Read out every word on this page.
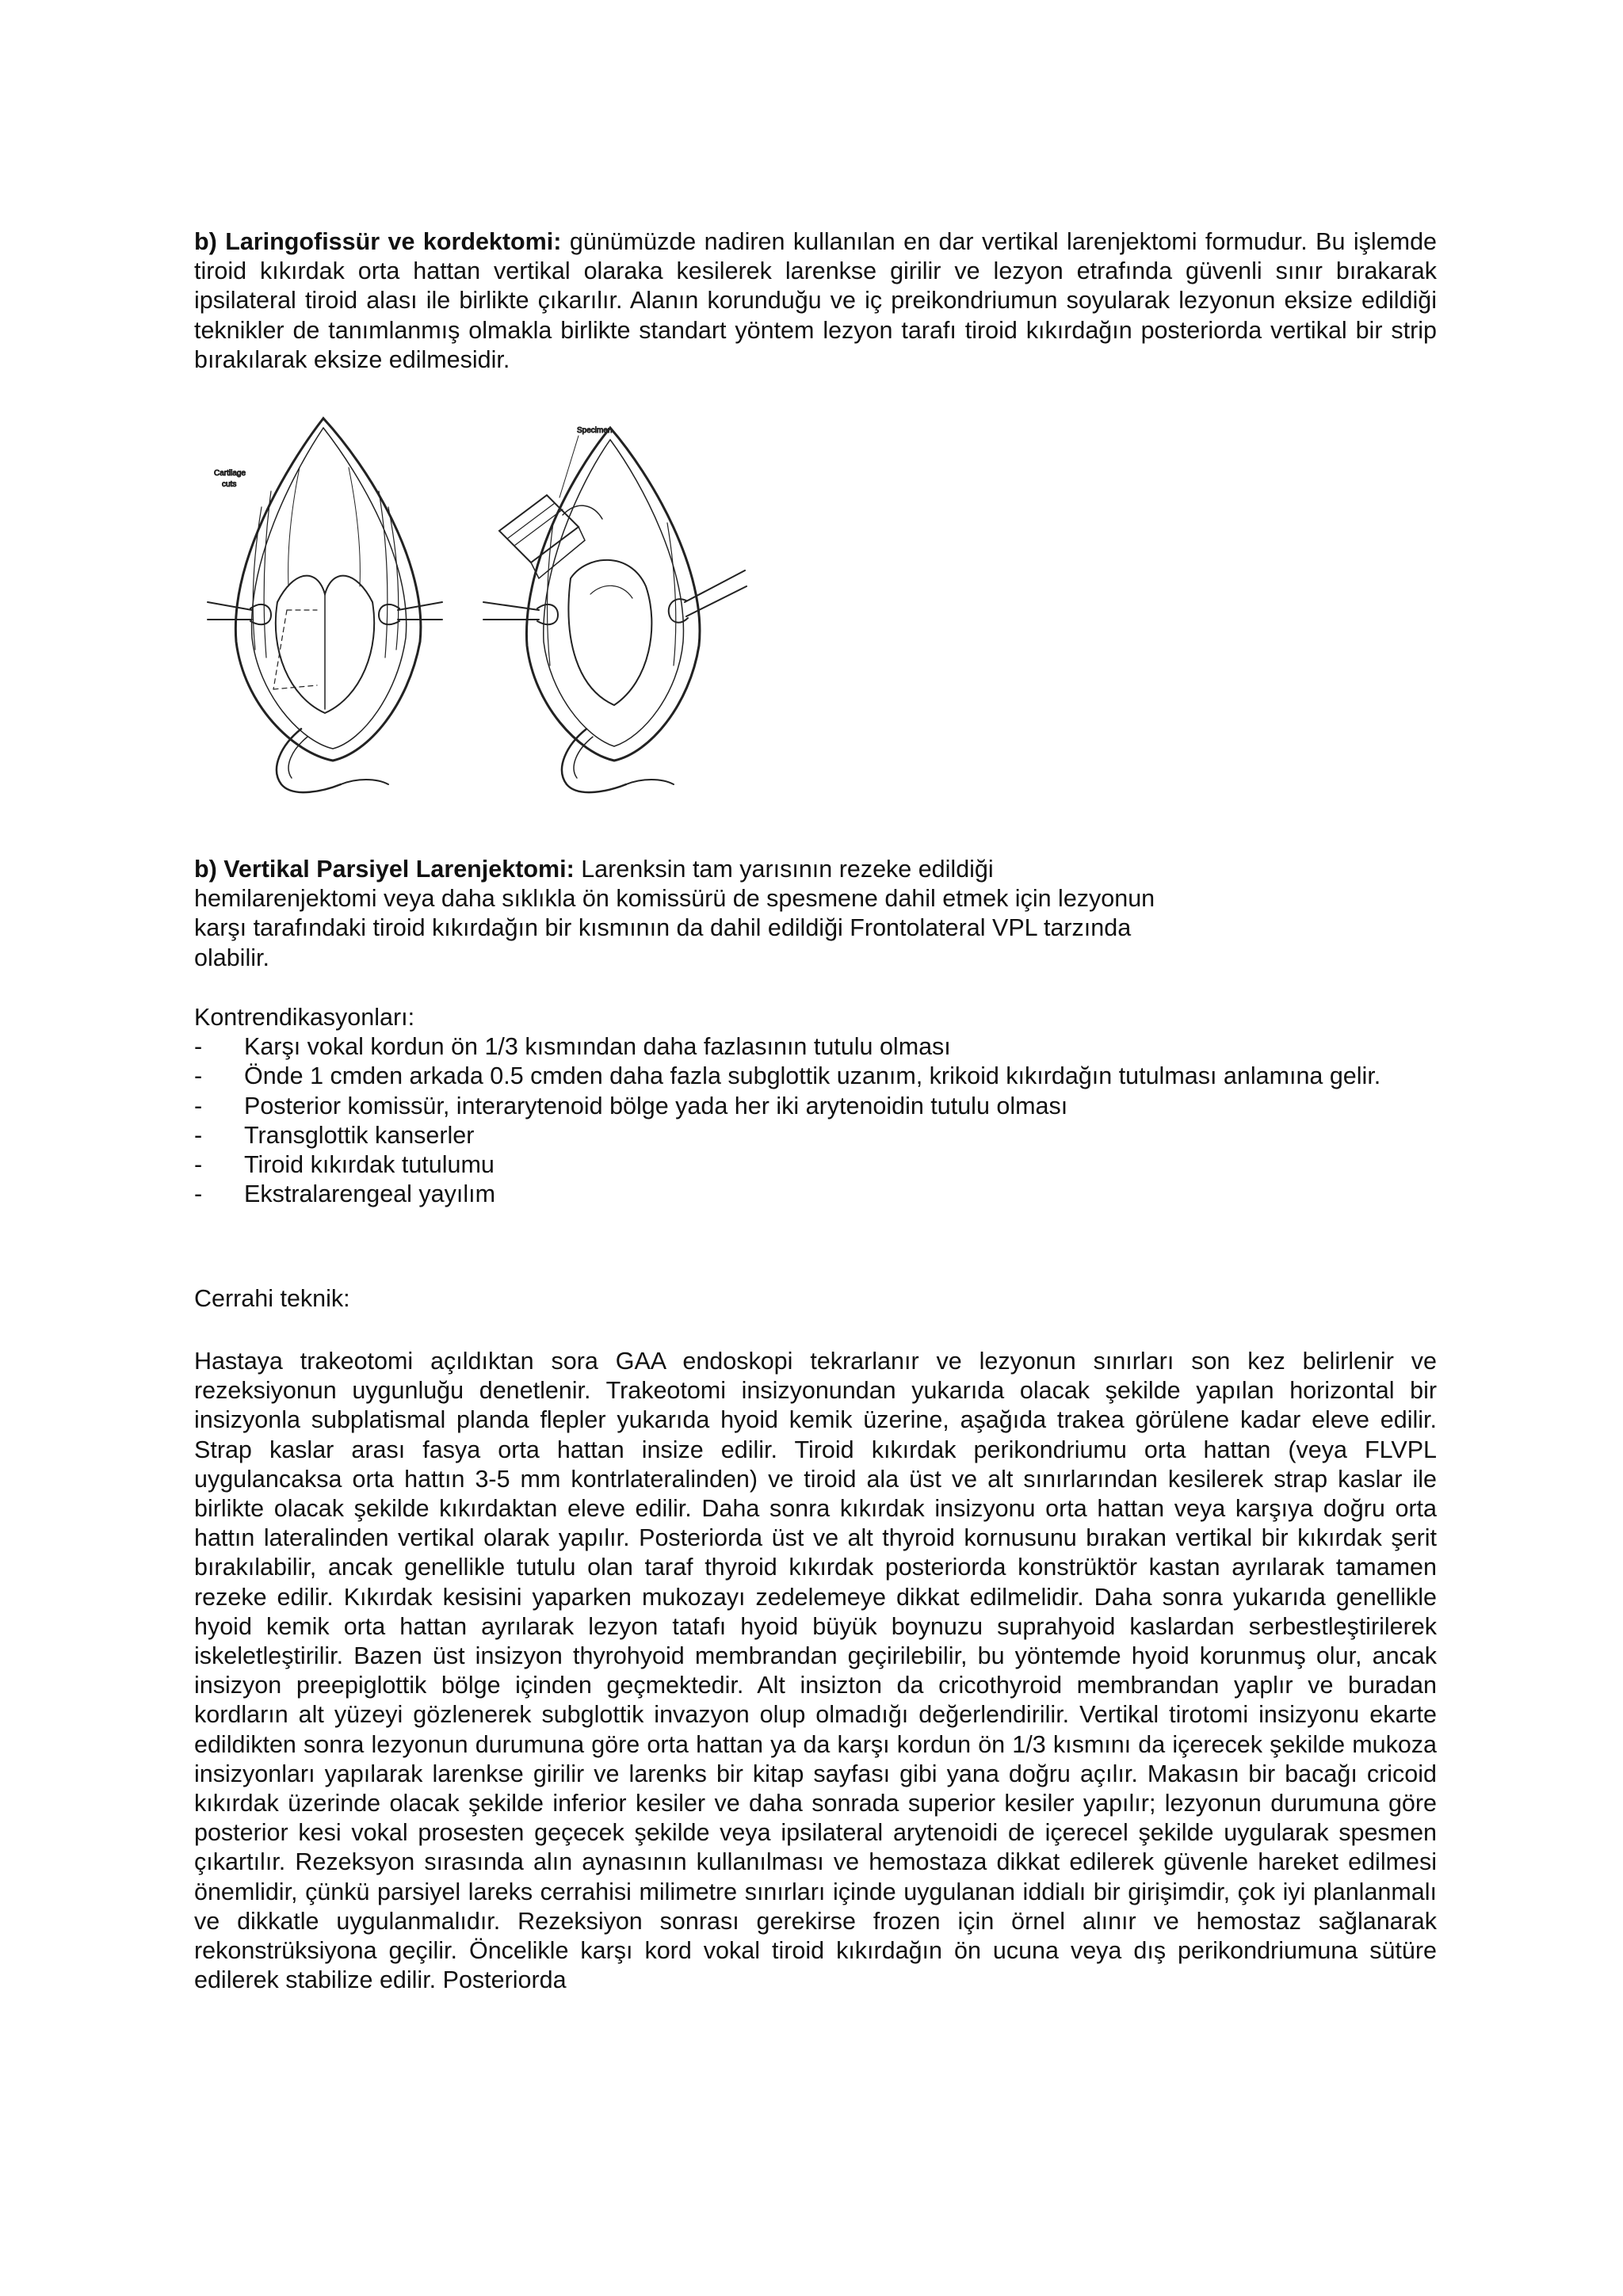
b) Laringofissür ve kordektomi: günümüzde nadiren kullanılan en dar vertikal larenjektomi formudur. Bu işlemde tiroid kıkırdak orta hattan vertikal olaraka kesilerek larenkse girilir ve lezyon etrafında güvenli sınır bırakarak ipsilateral tiroid alası ile birlikte çıkarılır. Alanın korunduğu ve iç preikondriumun soyularak lezyonun eksize edildiği teknikler de tanımlanmış olmakla birlikte standart yöntem lezyon tarafı tiroid kıkırdağın posteriorda vertikal bir strip bırakılarak eksize edilmesidir.

Cartilage
cuts
Specimen

b) Vertikal Parsiyel Larenjektomi: Larenksin tam yarısının rezeke edildiği hemilarenjektomi veya daha sıklıkla ön komissürü de spesmene dahil etmek için lezyonun karşı tarafındaki tiroid kıkırdağın bir kısmının da dahil edildiği Frontolateral VPL tarzında olabilir.

Kontrendikasyonları:
- Karşı vokal kordun ön 1/3 kısmından daha fazlasının tutulu olması
- Önde 1 cmden arkada 0.5 cmden daha fazla subglottik uzanım, krikoid kıkırdağın tutulması anlamına gelir.
- Posterior komissür, interarytenoid bölge yada her iki arytenoidin tutulu olması
- Transglottik kanserler
- Tiroid kıkırdak tutulumu
- Ekstralarengeal yayılım
Cerrahi teknik:

Hastaya trakeotomi açıldıktan sora GAA endoskopi tekrarlanır ve lezyonun sınırları son kez belirlenir ve rezeksiyonun uygunluğu denetlenir. Trakeotomi insizyonundan yukarıda olacak şekilde yapılan horizontal bir insizyonla subplatismal planda flepler yukarıda hyoid kemik üzerine, aşağıda trakea görülene kadar eleve edilir. Strap kaslar arası fasya orta hattan insize edilir. Tiroid kıkırdak perikondriumu orta hattan (veya FLVPL uygulancaksa orta hattın 3-5 mm kontrlateralinden) ve tiroid ala üst ve alt sınırlarından kesilerek strap kaslar ile birlikte olacak şekilde kıkırdaktan eleve edilir. Daha sonra kıkırdak insizyonu orta hattan veya karşıya doğru orta hattın lateralinden vertikal olarak yapılır. Posteriorda üst ve alt thyroid kornusunu bırakan vertikal bir kıkırdak şerit bırakılabilir, ancak genellikle tutulu olan taraf thyroid kıkırdak posteriorda konstrüktör kastan ayrılarak tamamen rezeke edilir. Kıkırdak kesisini yaparken mukozayı zedelemeye dikkat edilmelidir. Daha sonra yukarıda genellikle hyoid kemik orta hattan ayrılarak lezyon tatafı hyoid büyük boynuzu suprahyoid kaslardan serbestleştirilerek iskeletleştirilir. Bazen üst insizyon thyrohyoid membrandan geçirilebilir, bu yöntemde hyoid korunmuş olur, ancak insizyon preepiglottik bölge içinden geçmektedir. Alt insizton da cricothyroid membrandan yaplır ve buradan kordların alt yüzeyi gözlenerek subglottik invazyon olup olmadığı değerlendirilir. Vertikal tirotomi insizyonu ekarte edildikten sonra lezyonun durumuna göre orta hattan ya da karşı kordun ön 1/3 kısmını da içerecek şekilde mukoza insizyonları yapılarak larenkse girilir ve larenks bir kitap sayfası gibi yana doğru açılır. Makasın bir bacağı cricoid kıkırdak üzerinde olacak şekilde inferior kesiler ve daha sonrada superior kesiler yapılır; lezyonun durumuna göre posterior kesi vokal prosesten geçecek şekilde veya ipsilateral arytenoidi de içerecel şekilde uygularak spesmen çıkartılır. Rezeksyon sırasında alın aynasının kullanılması ve hemostaza dikkat edilerek güvenle hareket edilmesi önemlidir, çünkü parsiyel lareks cerrahisi milimetre sınırları içinde uygulanan iddialı bir girişimdir, çok iyi planlanmalı ve dikkatle uygulanmalıdır. Rezeksiyon sonrası gerekirse frozen için örnel alınır ve hemostaz sağlanarak rekonstrüksiyona geçilir. Öncelikle karşı kord vokal tiroid kıkırdağın ön ucuna veya dış perikondriumuna sütüre edilerek stabilize edilir. Posteriorda
